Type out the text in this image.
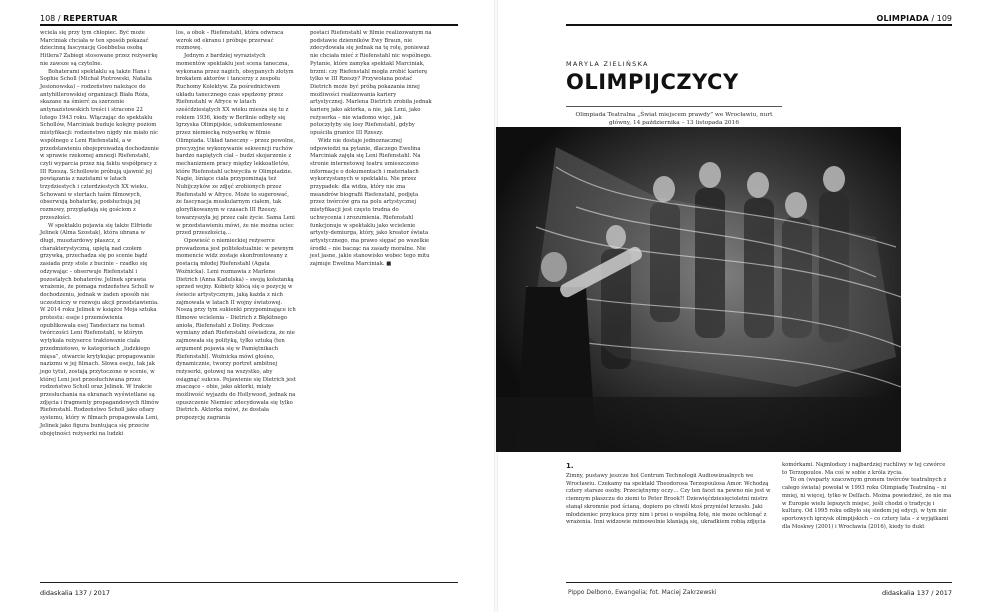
108 / REPERTUAR	OLIMPIADA / 109

wciela się przy tym chłopiec. Być może Marciniak chciała w ten sposób pokazać dziecinną fascynację Goebbelsa osobą Hitlera? Zabiegi stosowane przez reżyserkę nie zawsze są czytelne.

Bohaterami spektaklu są także Hans i Sophie Scholl (Michał Piotrowski, Natalia Jesionowska) – rodzeństwo należące do antyhitlerowskiej organizacji Biała Róża, skazane na śmierć za szerzenie antynazistowskich treści i stracone 22 lutego 1943 roku. Włączając do spektaklu Schollów, Marciniak buduje kolejny poziom mistyfikacji: rodzeństwo nigdy nie miało nic wspólnego z Leni Riefenstahl, a w przedstawieniu obojeprowadzą dochodzenie w sprawie rzekomej amnezji Riefenstahl, czyli wyparcia przez nią faktu współpracy z III Rzeszą. Schollowie próbują ujawnić jej powiązania z nazistami w latach trzydziestych i czterdziestych XX wieku. Schowani w stertach taśm filmowych, obserwują bohaterkę, podsłuchują jej rozmowy, przyglądają się gościom z przeszłości.

W spektaklu pojawia się także Elfriede Jelinek (Alma Szostak), która ubrana w długi, musztardowy płaszcz, z charakterystyczną, upiętą nad czołem grzywką, przechadza się po scenie bądź zasiada przy stole z bucinie – rzadko się odzywając – obserwuje Riefenstahl i pozostałych bohaterów. Jelinek sprawia wrażenie, że pomaga rodzeństwu Scholl w dochodzeniu, jednak w żaden sposób nie uczestniczy w rozwoju akcji przedstawienia. W 2014 roku Jelinek w książce Moja sztuka protestu: eseje i przemówienia opublikowała esej Tandeciarz na temat twórczości Leni Riefenstahl, w którym wytykała reżyserce traktowanie ciała przedmiotowo, w kategoriach „ludzkiego mięsa”, otwarcie krytykując propagowanie nazizmu w jej filmach. Słowa eseju, tak jak jego tytuł, zostają przytoczone w scenie, w której Leni jest przesłuchiwana przez rodzeństwo Scholl oraz Jelinek. W trakcie przesłuchania na ekranach wyświetlane są zdjęcia i fragmenty propagandowych filmów Riefenstahl. Rodzeństwo Scholl jako ofiary systemu, który w filmach propagowała Leni, Jelinek jako figura buntująca się przeciw obojętności reżyserki na ludzki

los, a obok – Riefenstahl, która odwraca wzrok od ekranu i próbuje przerwać rozmowę.

Jednym z bardziej wyrazistych momentów spektaklu jest scena taneczna, wykonana przez nagich, obsypanych złotym brokatem aktorów i tancerzy z zespołu Ruchomy Kolektyw. Za pośrednictwem układu tanecznego czas spędzony przez Riefenstahl w Afryce w latach sześćdziesiątych XX wieku miesza się tu z rokiem 1936, kiedy w Berlinie odbyły się Igrzyska Olimpijskie, udokumentowane przez niemiecką reżyserkę w filmie Olimpiada. Układ taneczny – przez powolne, precyzyjne wykonywanie sekwencji ruchów bardzo napiętych ciał – budzi skojarzenie z mechanizmem pracy między lekkoatletów, które Riefenstahl uchwyciła w Olimpiadzie. Nagie, lśniące ciała przypominają też Nubijczyków ze zdjęć zrobionych przez Riefenstahl w Afryce. Może to sugerować, że fascynacja muskularnym ciałem, tak gloryfikowanym w czasach III Rzeszy, towarzyszyła jej przez całe życie. Sama Leni w przedstawieniu mówi, że nie można uciec przed przeszłością…

Opowieść o niemieckiej reżyserce prowadzona jest politekstualnie: w pewnym momencie widz zostaje skonfrontowany z postacią młodej Riefenstahl (Agata Woźnicka). Leni rozmawia z Marlene Dietrich (Anna Kadulska) – swoją koleżanką sprzed wojny. Kobiety kłócą się o pozycję w świecie artystycznym, jaką każda z nich zajmowała w latach II wojny światowej. Noszą przy tym sukienki przypominające ich filmowe wcielenia – Dietrich z Błękitnego anioła, Riefenstahl z Doliny. Podczas wymiany zdań Riefenstahl oświadcza, że nie zajmowała się polityką, tylko sztuką (ten argument pojawia się w Pamiętnikach Riefenstahl). Woźnicka mówi głośno, dynamicznie, tworzy portret ambitnej reżyserki, gotowej na wszystko, aby osiągnąć sukces. Pojawienie się Dietrich jest znaczące – obie, jako aktorki, miały możliwość wyjazdu do Hollywood, jednak na opuszczenie Niemiec zdecydowała się tylko Dietrich. Aktorka mówi, że dostała propozycję zagrania

postaci Riefenstahl w filmie realizowanym na podstawie dzienników Ewy Braun, nie zdecydowała się jednak na tę rolę, ponieważ nie chciała mieć z Riefenstahl nic wspólnego. Pytanie, które zamyka spektakl Marciniak, brzmi: czy Riefenstahl mogła zrobić karierę tylko w III Rzeszy? Przywołana postać Dietrich może być próbą pokazania innej możliwości realizowania kariery artystycznej. Marlena Dietrich zrobiła jednak karierę jako aktorka, a nie, jak Leni, jako reżyserka – nie wiadomo więc, jak potoczyłyby się losy Riefenstahl, gdyby opuściła granice III Rzeszy.

Widz nie dostaje jednoznacznej odpowiedzi na pytanie, dlaczego Ewelina Marciniak zajęła się Leni Riefenstahl. Na stronie internetowej teatru umieszczono informacje o dokumentach i materiałach wykorzystanych w spektaklu. Nie przez przypadek: dla widza, który nie zna meandrów biografii Riefenstahl, podjęta przez twórców gra na polu artystycznej mistyfikacji jest często trudna do uchwycenia i zrozumienia. Riefenstahl funkcjonuje w spektaklu jako wcielenie artysty-demiurga, który, jako kreator świata artystycznego, ma prawo sięgać po wszelkie środki – nie bacząc na zasady moralne. Nie jest jasne, jakie stanowisko wobec tego mitu zajmuje Ewelina Marciniak. ■

MARYLA ZIELIŃSKA
OLIMPIJCZYCY
Olimpiada Teatralna „Świat miejscem prawdy” we Wrocławiu, nurt główny, 14 października – 13 listopada 2016
1.

Zimny, pustawy jeszcze hol Centrum Technologii Audiowizualnych we Wrocławiu. Czekamy na spektakl Theodorosa Terzopoulosa Amor. Wchodzą cztery starsze osoby. Przeciętnymy oczy… Czy ten facet na pewno nie jest w ciemnym płaszczu do ziemi to Peter Brook?! Dziewięćdziesięcioletni mistrz stanął skromnie pod ścianą, dopiero po chwili ktoś przyniósł krzesło. Jaki młodzieniec przykuca przy nim i prosi o wspólną fotę, nie może ochłonąć z wrażenia. Inni widzowie mimowolnie kłaniają się, ukradkiem robią zdjęcia

komórkami. Najmłodszy i najbardziej ruchliwy w tej czwórce to Terzopoulos. Ma coś w sobie z króla życia.

To on (wsparty szacownym gronem twórców teatralnych z całego świata) powołał w 1993 roku Olimpiadę Teatralną – ni mniej, ni więcej, tylko w Delfach. Można powiedzieć, że nie ma w Europie wielu lepszych miejsc, jeśli chodzi o tradycję i kulturę. Od 1995 roku odbyło się siedem jej edycji, w tym nie sportowych igrzysk olimpijskich – co cztery lata – z wyjątkami dla Moskwy (2001) i Wrocławia (2016), kiedy to dukt

didaskalia 137 / 2017	Pippo Delbono, Ewangelia; fot. Maciej Zakrzewski	didaskalia 137 / 2017
